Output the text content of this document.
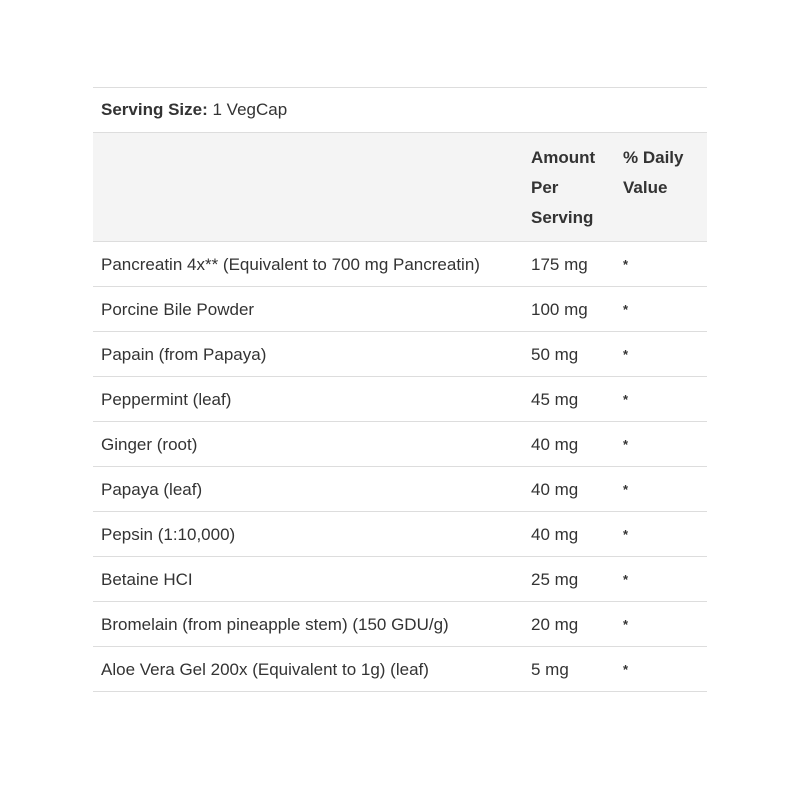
Serving Size: 1 VegCap
	Amount Per Serving	% Daily Value
Pancreatin 4x** (Equivalent to 700 mg Pancreatin)	175 mg	*
Porcine Bile Powder	100 mg	*
Papain (from Papaya)	50 mg	*
Peppermint (leaf)	45 mg	*
Ginger (root)	40 mg	*
Papaya (leaf)	40 mg	*
Pepsin (1:10,000)	40 mg	*
Betaine HCI	25 mg	*
Bromelain (from pineapple stem) (150 GDU/g)	20 mg	*
Aloe Vera Gel 200x (Equivalent to 1g) (leaf)	5 mg	*
